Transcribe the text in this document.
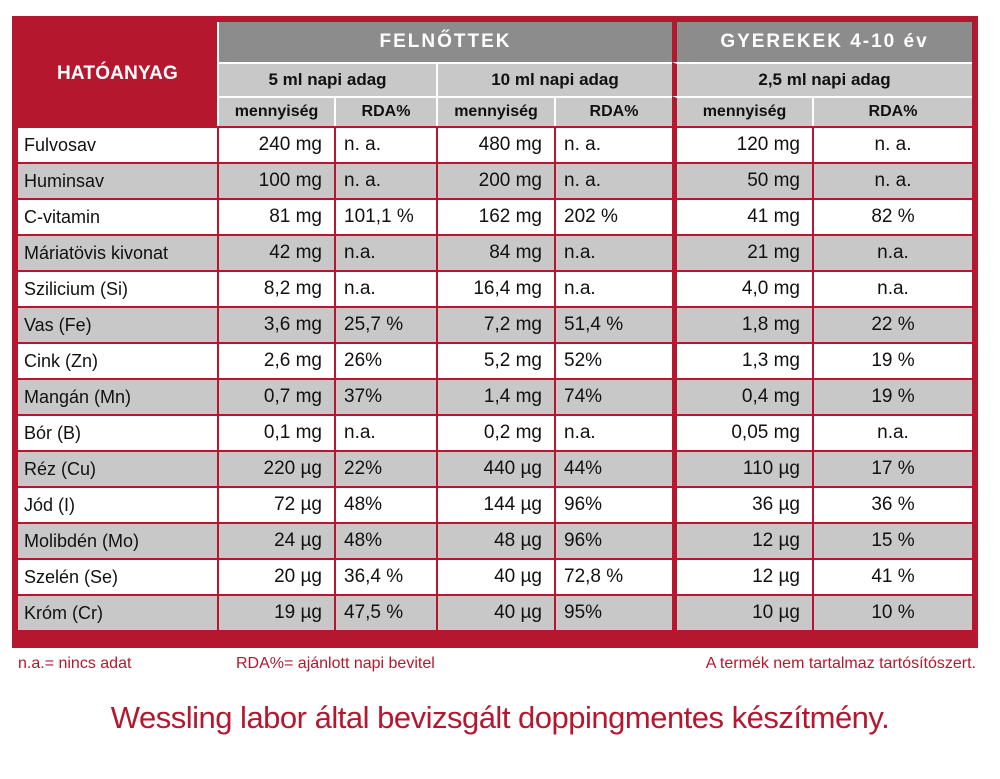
HATÓANYAG	FELNŐTTEK				GYEREKEK 4-10 év	
	5 ml napi adag		10 ml napi adag		2,5 ml napi adag	
	mennyiség	RDA%	mennyiség	RDA%	mennyiség	RDA%
Fulvosav	240 mg	n. a.	480 mg	n. a.	120 mg	n. a.
Huminsav	100 mg	n. a.	200 mg	n. a.	50 mg	n. a.
C-vitamin	81 mg	101,1 %	162 mg	202 %	41 mg	82 %
Máriatövis kivonat	42 mg	n.a.	84 mg	n.a.	21 mg	n.a.
Szilicium (Si)	8,2 mg	n.a.	16,4 mg	n.a.	4,0 mg	n.a.
Vas (Fe)	3,6 mg	25,7 %	7,2 mg	51,4 %	1,8 mg	22 %
Cink (Zn)	2,6 mg	26%	5,2 mg	52%	1,3 mg	19 %
Mangán (Mn)	0,7 mg	37%	1,4 mg	74%	0,4 mg	19 %
Bór (B)	0,1 mg	n.a.	0,2 mg	n.a.	0,05 mg	n.a.
Réz (Cu)	220 µg	22%	440 µg	44%	110 µg	17 %
Jód (I)	72 µg	48%	144 µg	96%	36 µg	36 %
Molibdén (Mo)	24 µg	48%	48 µg	96%	12 µg	15 %
Szelén (Se)	20 µg	36,4 %	40 µg	72,8 %	12 µg	41 %
Króm (Cr)	19 µg	47,5 %	40 µg	95%	10 µg	10 %
n.a.= nincs adat	RDA%= ajánlott napi bevitel	A termék nem tartalmaz tartósítószert.
Wessling labor által bevizsgált doppingmentes készítmény.
